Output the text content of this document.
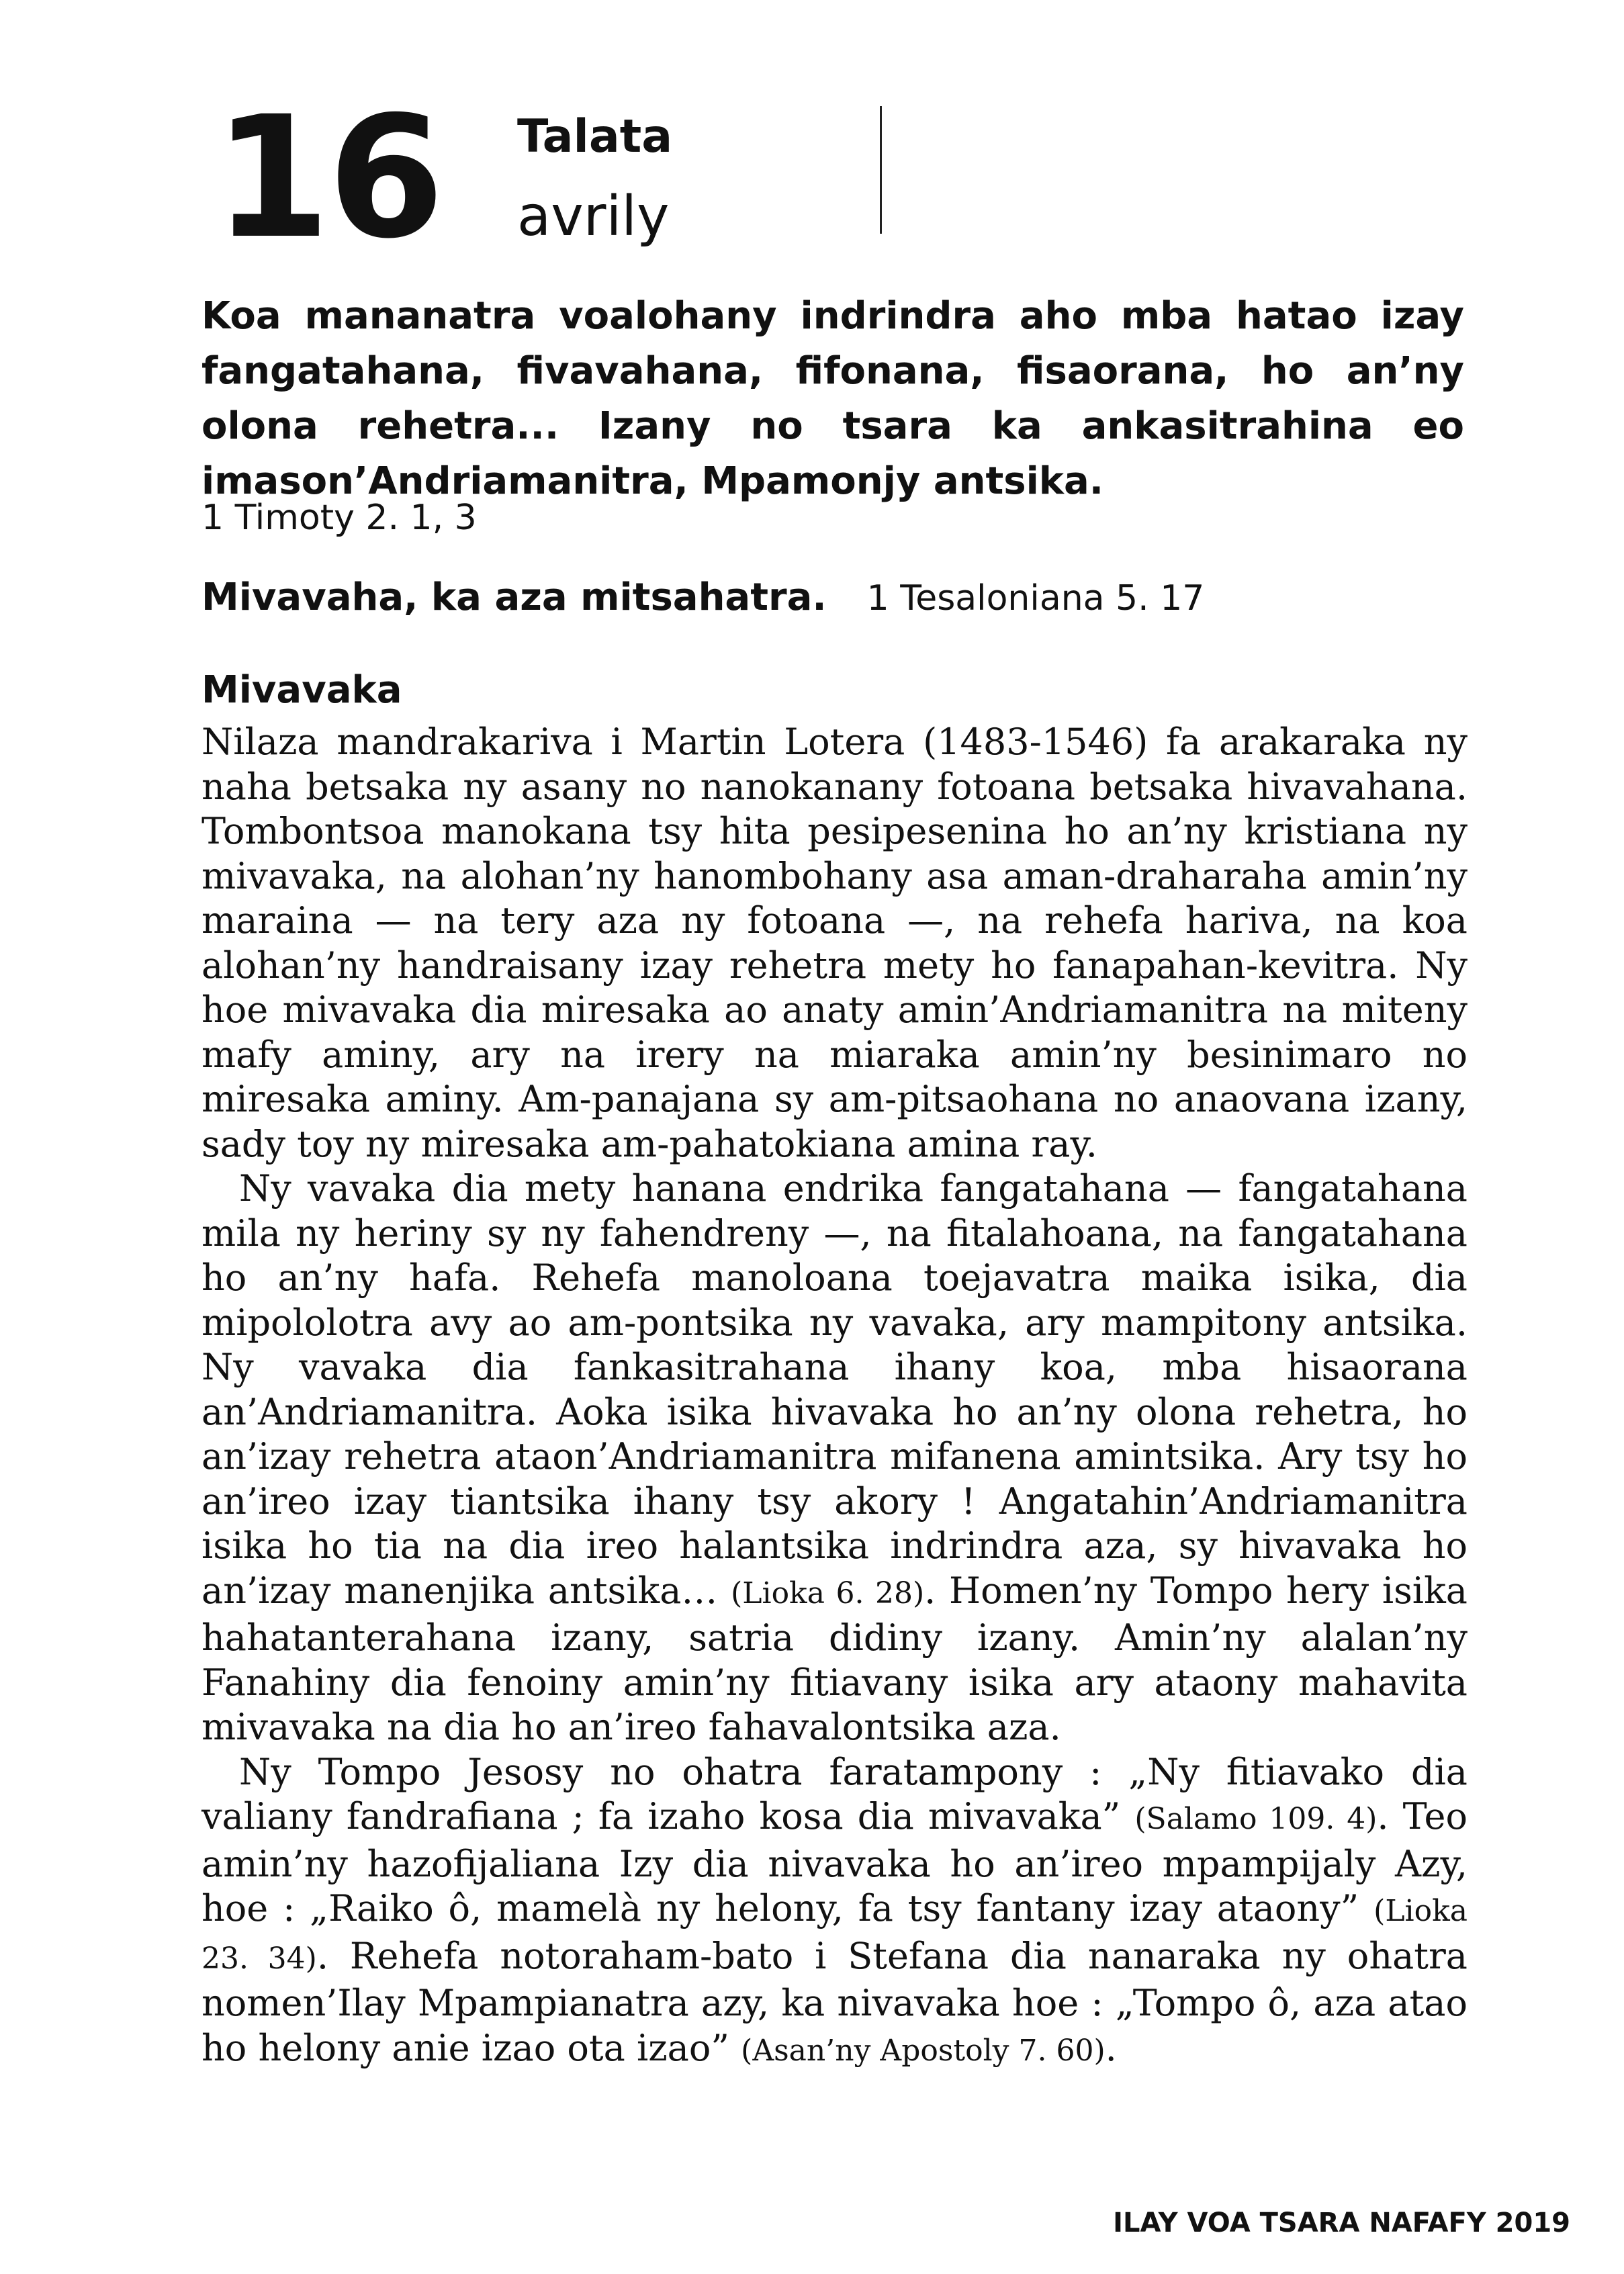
16 Talata
avrily
Koa mananatra voalohany indrindra aho mba hatao izay fangatahana, fivavahana, fifonana, fisaorana, ho an’ny olona rehetra... Izany no tsara ka ankasitrahina eo imason’Andriamanitra, Mpamonjy antsika.
1 Timoty 2. 1, 3
Mivavaha, ka aza mitsahatra. 1 Tesaloniana 5. 17
Mivavaka

Nilaza mandrakariva i Martin Lotera (1483-1546) fa arakaraka ny naha betsaka ny asany no nanokanany fotoana betsaka hivavahana. Tombontsoa manokana tsy hita pesipesenina ho an’ny kristiana ny mivavaka, na alohan’ny hanombohany asa aman-draharaha amin’ny maraina — na tery aza ny fotoana —, na rehefa hariva, na koa alohan’ny handraisany izay rehetra mety ho fanapahan-kevitra. Ny hoe mivavaka dia miresaka ao anaty amin’Andriamanitra na miteny mafy aminy, ary na irery na miaraka amin’ny besinimaro no miresaka aminy. Am-panajana sy am-pitsaohana no anaovana izany, sady toy ny miresaka am-pahatokiana amina ray.

Ny vavaka dia mety hanana endrika fangatahana — fangatahana mila ny heriny sy ny fahendreny —, na fitalahoana, na fangatahana ho an’ny hafa. Rehefa manoloana toejavatra maika isika, dia mipololotra avy ao am-pontsika ny vavaka, ary mampitony antsika. Ny vavaka dia fankasitrahana ihany koa, mba hisaorana an’Andriamanitra. Aoka isika hivavaka ho an’ny olona rehetra, ho an’izay rehetra ataon’Andriamanitra mifanena amintsika. Ary tsy ho an’ireo izay tiantsika ihany tsy akory ! Angatahin’Andriamanitra isika ho tia na dia ireo halantsika indrindra aza, sy hivavaka ho an’izay manenjika antsika… (Lioka 6. 28). Homen’ny Tompo hery isika hahatanterahana izany, satria didiny izany. Amin’ny alalan’ny Fanahiny dia fenoiny amin’ny fitiavany isika ary ataony mahavita mivavaka na dia ho an’ireo fahavalontsika aza.

Ny Tompo Jesosy no ohatra faratampony : „Ny fitiavako dia valiany fandrafiana ; fa izaho kosa dia mivavaka” (Salamo 109. 4). Teo amin’ny hazofijaliana Izy dia nivavaka ho an’ireo mpampijaly Azy, hoe : „Raiko ô, mamelà ny helony, fa tsy fantany izay ataony” (Lioka 23. 34). Rehefa notoraham-bato i Stefana dia nanaraka ny ohatra nomen’Ilay Mpampianatra azy, ka nivavaka hoe : „Tompo ô, aza atao ho helony anie izao ota izao” (Asan’ny Apostoly 7. 60).

ILAY VOA TSARA NAFAFY 2019
